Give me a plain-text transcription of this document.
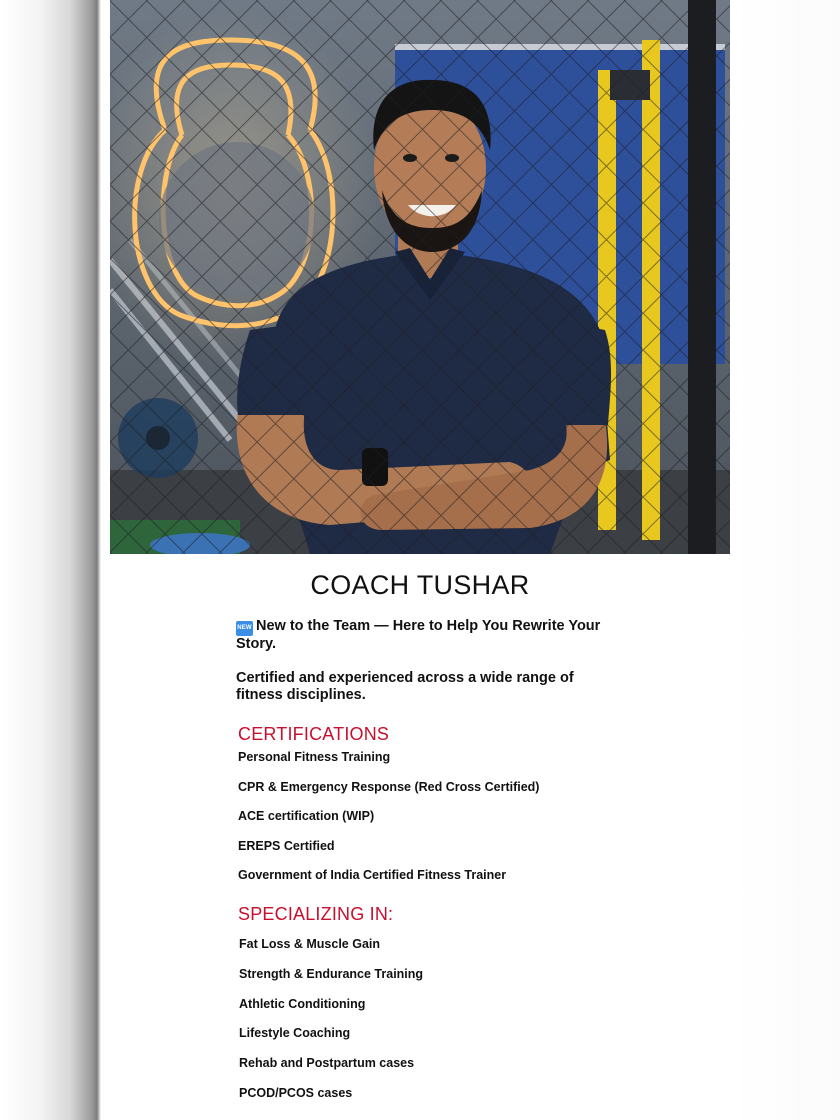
COACH TUSHAR
NEW New to the Team — Here to Help You Rewrite Your Story.
Certified and experienced across a wide range of fitness disciplines.
CERTIFICATIONS
Personal Fitness Training
CPR & Emergency Response (Red Cross Certified)
ACE certification (WIP)
EREPS Certified
Government of India Certified Fitness Trainer
SPECIALIZING IN:
Fat Loss & Muscle Gain
Strength & Endurance Training
Athletic Conditioning
Lifestyle Coaching
Rehab and Postpartum cases
PCOD/PCOS cases
